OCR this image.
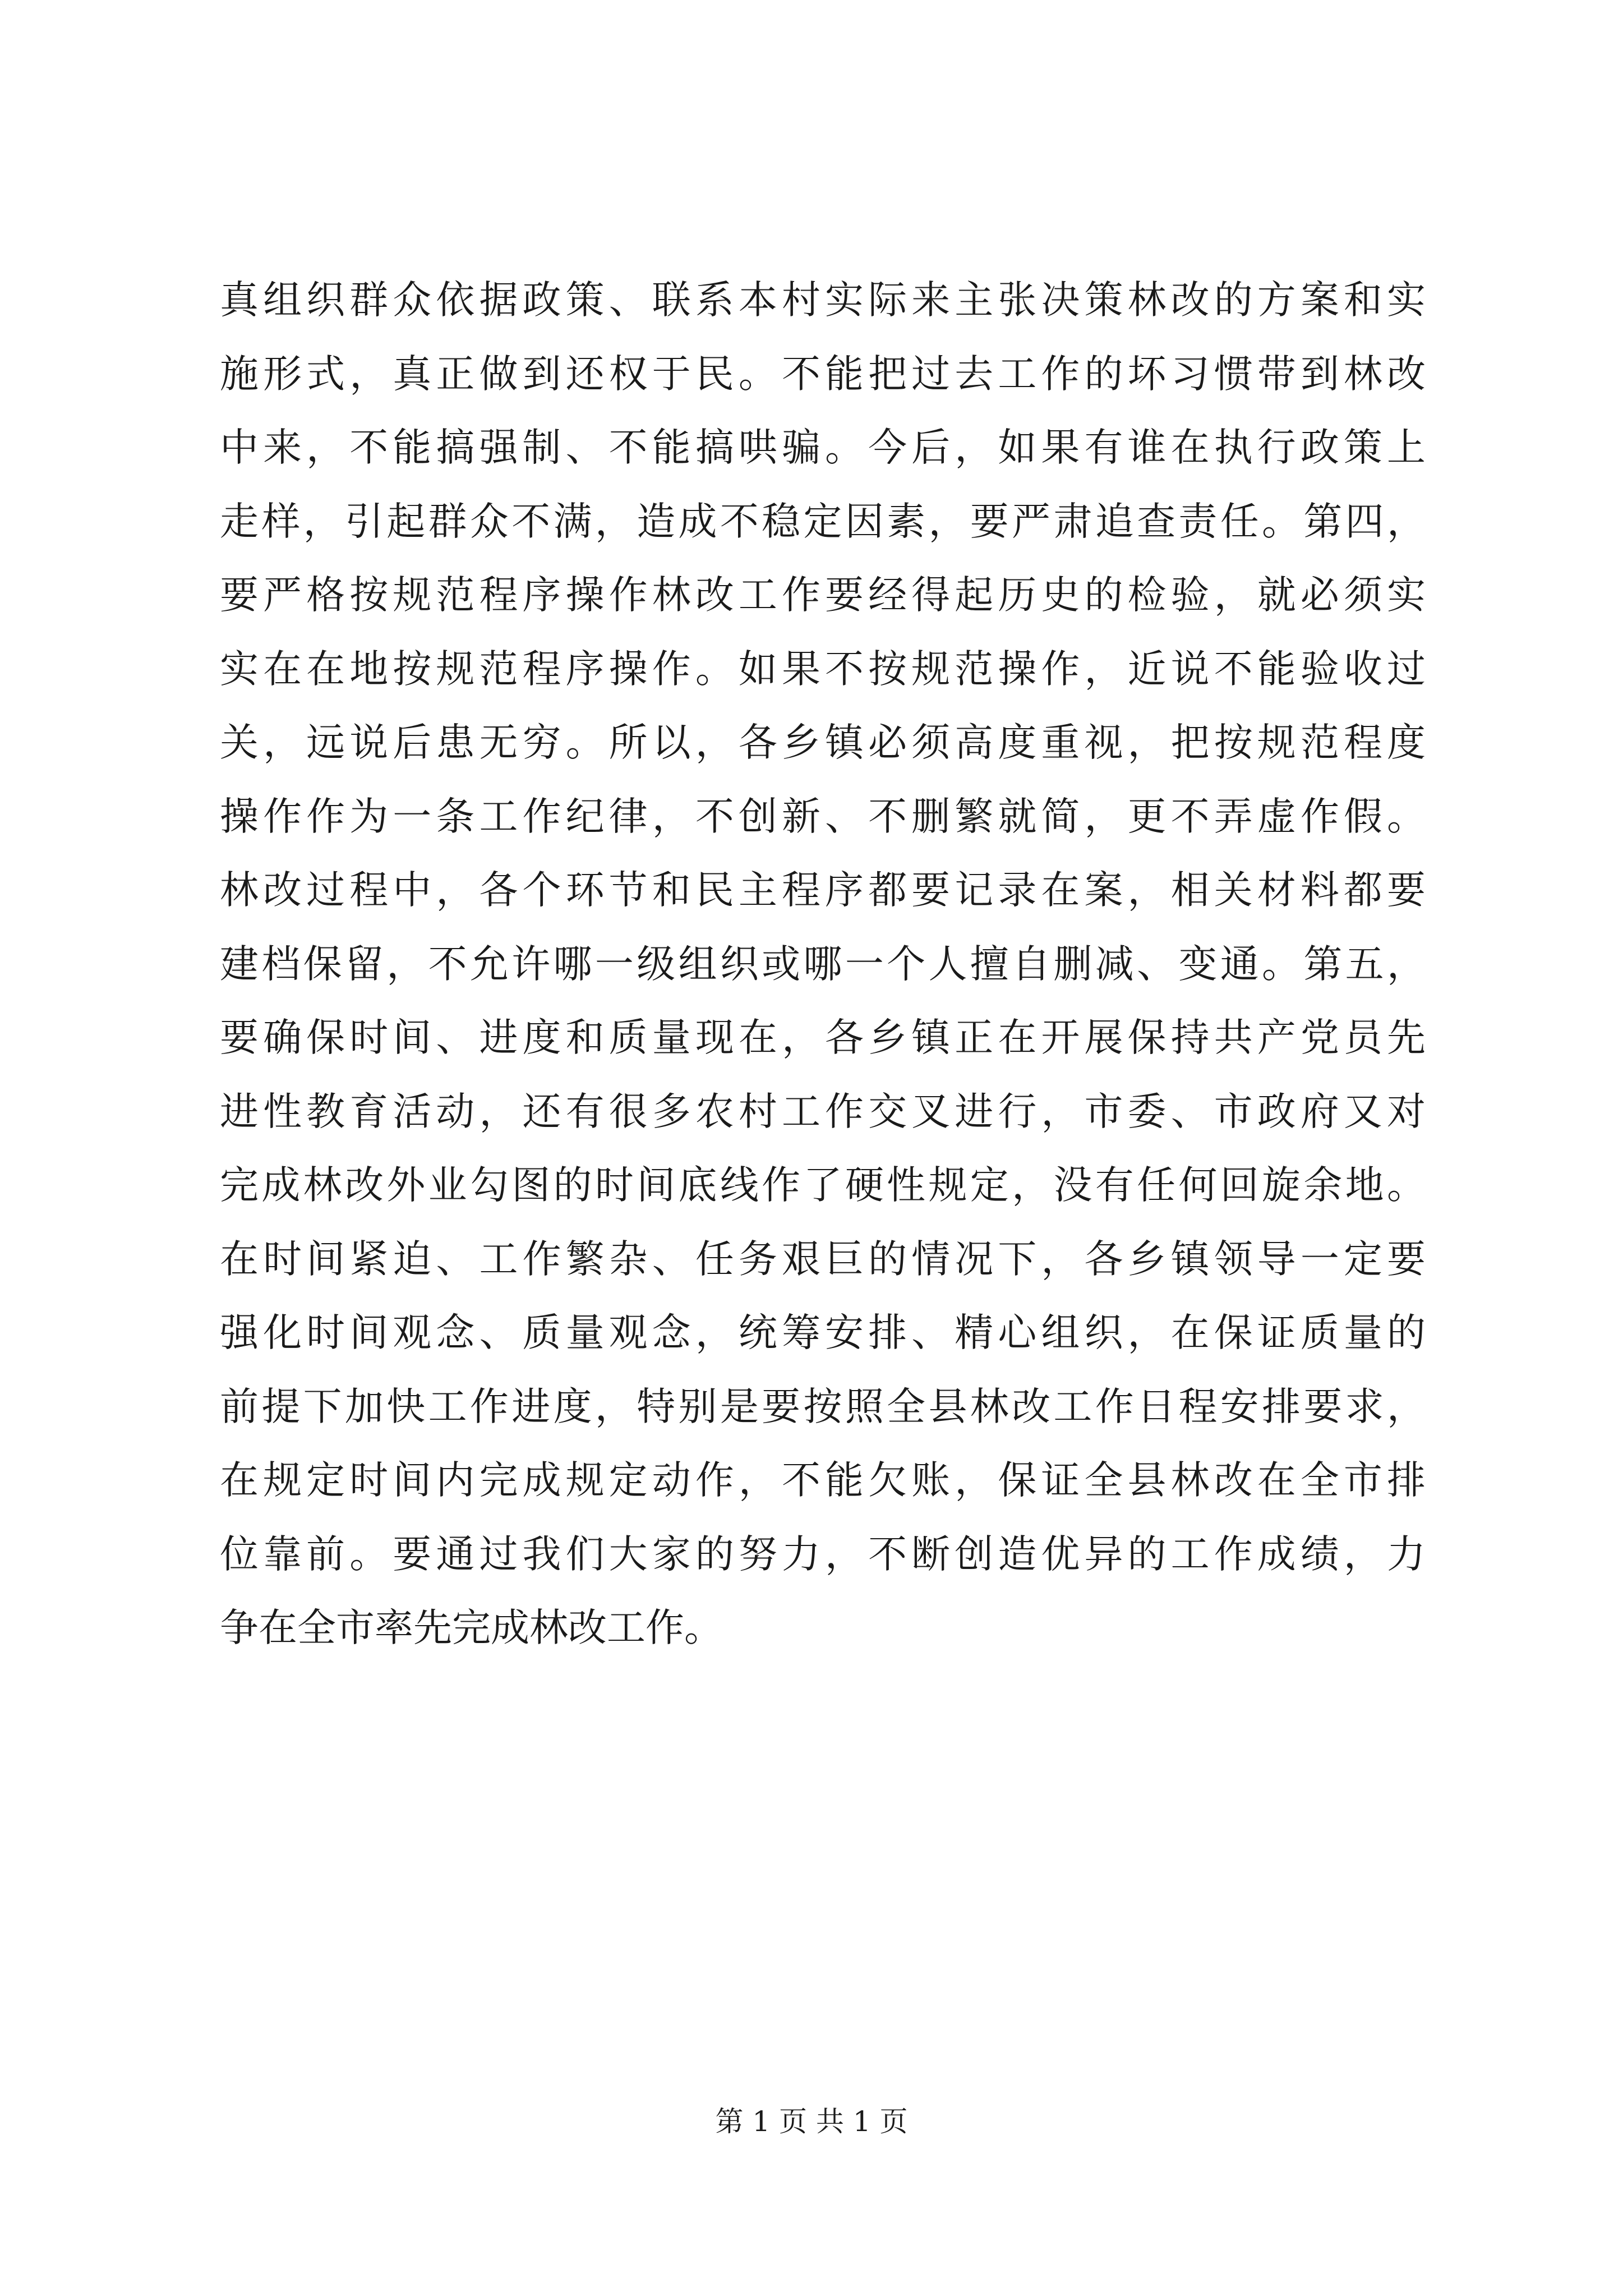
真组织群众依据政策、联系本村实际来主张决策林改的方案和实
施形式，真正做到还权于民。不能把过去工作的坏习惯带到林改
中来，不能搞强制、不能搞哄骗。今后，如果有谁在执行政策上
走样，引起群众不满，造成不稳定因素，要严肃追查责任。第四，
要严格按规范程序操作林改工作要经得起历史的检验，就必须实
实在在地按规范程序操作。如果不按规范操作，近说不能验收过
关，远说后患无穷。所以，各乡镇必须高度重视，把按规范程度
操作作为一条工作纪律，不创新、不删繁就简，更不弄虚作假。
林改过程中，各个环节和民主程序都要记录在案，相关材料都要
建档保留，不允许哪一级组织或哪一个人擅自删减、变通。第五，
要确保时间、进度和质量现在，各乡镇正在开展保持共产党员先
进性教育活动，还有很多农村工作交叉进行，市委、市政府又对
完成林改外业勾图的时间底线作了硬性规定，没有任何回旋余地。
在时间紧迫、工作繁杂、任务艰巨的情况下，各乡镇领导一定要
强化时间观念、质量观念，统筹安排、精心组织，在保证质量的
前提下加快工作进度，特别是要按照全县林改工作日程安排要求，
在规定时间内完成规定动作，不能欠账，保证全县林改在全市排
位靠前。要通过我们大家的努力，不断创造优异的工作成绩，力
争在全市率先完成林改工作。
第 1 页 共 1 页
